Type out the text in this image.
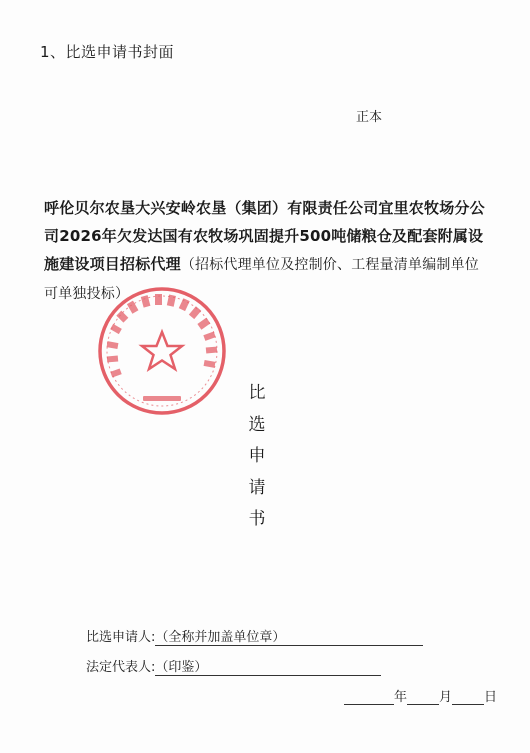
1、比选申请书封面
正本
呼伦贝尔农垦大兴安岭农垦（集团）有限责任公司宜里农牧场分公司2026年欠发达国有农牧场巩固提升500吨储粮仓及配套附属设施建设项目招标代理（招标代理单位及控制价、工程量清单编制单位可单独投标）
比
选
申
请
书
比选申请人:（全称并加盖单位章）
法定代表人:（印鉴）
年 月 日
